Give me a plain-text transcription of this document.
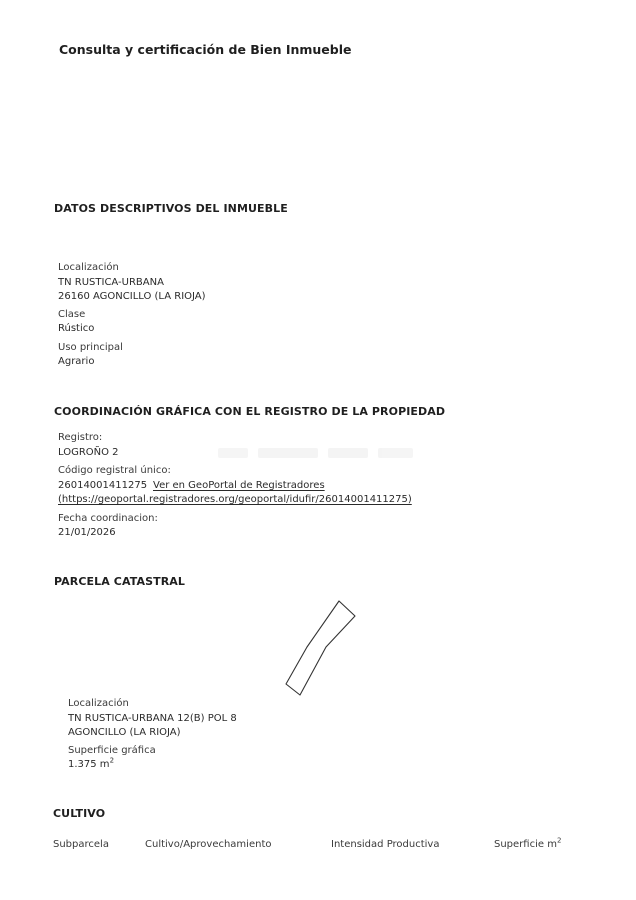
Consulta y certificación de Bien Inmueble
DATOS DESCRIPTIVOS DEL INMUEBLE
Localización
TN RUSTICA-URBANA
26160 AGONCILLO (LA RIOJA)
Clase
Rústico
Uso principal
Agrario
COORDINACIÓN GRÁFICA CON EL REGISTRO DE LA PROPIEDAD
Registro:
LOGROÑO 2
Código registral único:
26014001411275 Ver en GeoPortal de Registradores
(https://geoportal.registradores.org/geoportal/idufir/26014001411275)
Fecha coordinacion:
21/01/2026
PARCELA CATASTRAL
Localización
TN RUSTICA-URBANA 12(B) POL 8
AGONCILLO (LA RIOJA)
Superficie gráfica
1.375 $m^2$
CULTIVO
Subparcela	Cultivo/Aprovechamiento	Intensidad Productiva	Superficie $m^2$
